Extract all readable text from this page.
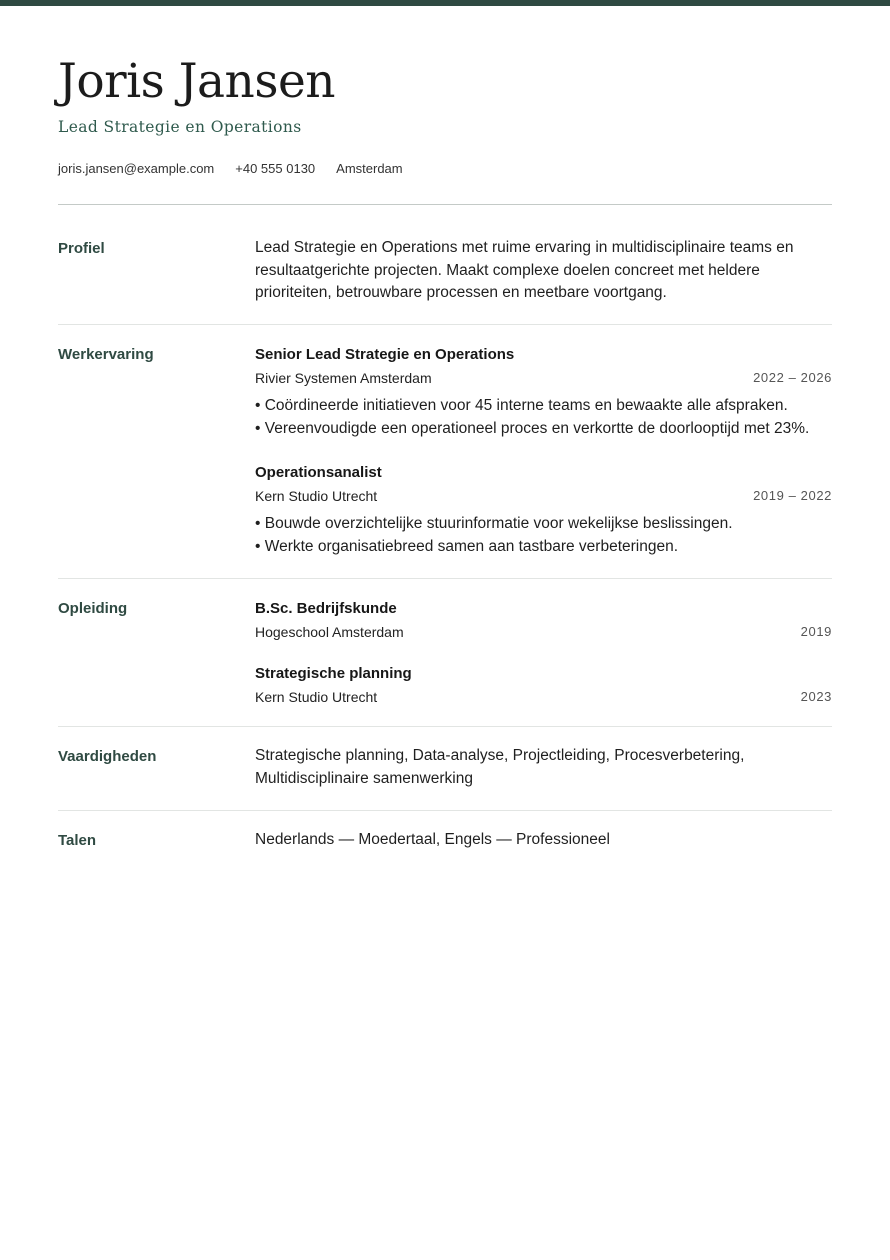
Joris Jansen
Lead Strategie en Operations
joris.jansen@example.com +40 555 0130 Amsterdam
Profiel	Lead Strategie en Operations met ruime ervaring in multidisciplinaire teams en resultaatgerichte projecten. Maakt complexe doelen concreet met heldere prioriteiten, betrouwbare processen en meetbare voortgang.

Werkervaring	Senior Lead Strategie en Operations
Rivier Systemen Amsterdam	2022 – 2026
• Coördineerde initiatieven voor 45 interne teams en bewaakte alle afspraken.
• Vereenvoudigde een operationeel proces en verkortte de doorlooptijd met 23%.
Operationsanalist
Kern Studio Utrecht	2019 – 2022
• Bouwde overzichtelijke stuurinformatie voor wekelijkse beslissingen.
• Werkte organisatiebreed samen aan tastbare verbeteringen.
Opleiding	B.Sc. Bedrijfskunde
Hogeschool Amsterdam	2019
Strategische planning
Kern Studio Utrecht	2023
Vaardigheden	Strategische planning, Data-analyse, Projectleiding, Procesverbetering, Multidisciplinaire samenwerking

Talen	Nederlands — Moedertaal, Engels — Professioneel
